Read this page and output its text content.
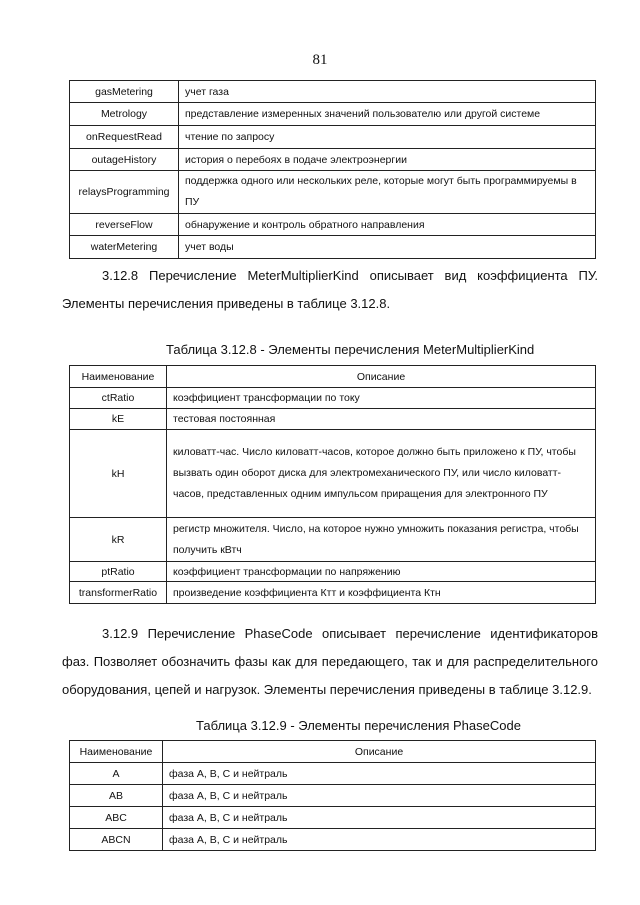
81
gasMetering	учет газа
Metrology	представление измеренных значений пользователю или другой системе
onRequestRead	чтение по запросу
outageHistory	история о перебоях в подаче электроэнергии
relaysProgramming	поддержка одного или нескольких реле, которые могут быть программируемы в ПУ
reverseFlow	обнаружение и контроль обратного направления
waterMetering	учет воды
3.12.8 Перечисление MeterMultiplierKind описывает вид коэффициента ПУ. Элементы перечисления приведены в таблице 3.12.8.
Таблица 3.12.8 - Элементы перечисления MeterMultiplierKind
Наименование	Описание
ctRatio	коэффициент трансформации по току
kE	тестовая постоянная
kH	киловатт-час. Число киловатт-часов, которое должно быть приложено к ПУ, чтобы вызвать один оборот диска для электромеханического ПУ, или число киловатт-часов, представленных одним импульсом приращения для электронного ПУ
kR	регистр множителя. Число, на которое нужно умножить показания регистра, чтобы получить кВтч
ptRatio	коэффициент трансформации по напряжению
transformerRatio	произведение коэффициента Ктт и коэффициента Ктн
3.12.9 Перечисление PhaseCode описывает перечисление идентификаторов фаз. Позволяет обозначить фазы как для передающего, так и для распределительного оборудования, цепей и нагрузок. Элементы перечисления приведены в таблице 3.12.9.
Таблица 3.12.9 - Элементы перечисления PhaseCode
Наименование	Описание
A	фаза А, В, С и нейтраль
AB	фаза А, В, С и нейтраль
ABC	фаза А, В, С и нейтраль
ABCN	фаза А, В, С и нейтраль
